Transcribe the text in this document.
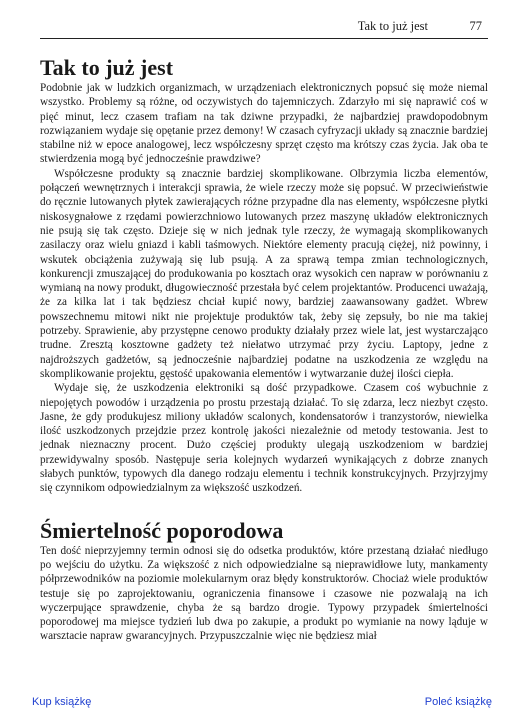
Tak to już jest	77
Tak to już jest

Podobnie jak w ludzkich organizmach, w urządzeniach elektronicznych popsuć się może niemal wszystko. Problemy są różne, od oczywistych do tajemniczych. Zdarzyło mi się naprawić coś w pięć minut, lecz czasem trafiam na tak dziwne przypadki, że najbardziej prawdopodobnym rozwiązaniem wydaje się opętanie przez demony! W czasach cyfryzacji układy są znacznie bardziej stabilne niż w epoce analogowej, lecz współczesny sprzęt często ma krótszy czas życia. Jak oba te stwierdzenia mogą być jednocześnie prawdziwe?

Współczesne produkty są znacznie bardziej skomplikowane. Olbrzymia liczba elementów, połączeń wewnętrznych i interakcji sprawia, że wiele rzeczy może się popsuć. W przeciwieństwie do ręcznie lutowanych płytek zawierających różne przypadne dla nas elementy, współczesne płytki niskosygnałowe z rzędami powierzchniowo lutowanych przez maszynę układów elektronicznych nie psują się tak często. Dzieje się w nich jednak tyle rzeczy, że wymagają skomplikowanych zasilaczy oraz wielu gniazd i kabli taśmowych. Niektóre elementy pracują ciężej, niż powinny, i wskutek obciążenia zużywają się lub psują. A za sprawą tempa zmian technologicznych, konkurencji zmuszającej do produkowania po kosztach oraz wysokich cen napraw w porównaniu z wymianą na nowy produkt, długowieczność przestała być celem projektantów. Producenci uważają, że za kilka lat i tak będziesz chciał kupić nowy, bardziej zaawansowany gadżet. Wbrew powszechnemu mitowi nikt nie projektuje produktów tak, żeby się zepsuły, bo nie ma takiej potrzeby. Sprawienie, aby przystępne cenowo produkty działały przez wiele lat, jest wystarczająco trudne. Zresztą kosztowne gadżety też niełatwo utrzymać przy życiu. Laptopy, jedne z najdroższych gadżetów, są jednocześnie najbardziej podatne na uszkodzenia ze względu na skomplikowanie projektu, gęstość upakowania elementów i wytwarzanie dużej ilości ciepła.

Wydaje się, że uszkodzenia elektroniki są dość przypadkowe. Czasem coś wybuchnie z niepojętych powodów i urządzenia po prostu przestają działać. To się zdarza, lecz niezbyt często. Jasne, że gdy produkujesz miliony układów scalonych, kondensatorów i tranzystorów, niewielka ilość uszkodzonych przejdzie przez kontrolę jakości niezależnie od metody testowania. Jest to jednak nieznaczny procent. Dużo częściej produkty ulegają uszkodzeniom w bardziej przewidywalny sposób. Następuje seria kolejnych wydarzeń wynikających z dobrze znanych słabych punktów, typowych dla danego rodzaju elementu i technik konstrukcyjnych. Przyjrzyjmy się czynnikom odpowiedzialnym za większość uszkodzeń.

Śmiertelność poporodowa

Ten dość nieprzyjemny termin odnosi się do odsetka produktów, które przestaną działać niedługo po wejściu do użytku. Za większość z nich odpowiedzialne są nieprawidłowe luty, mankamenty półprzewodników na poziomie molekularnym oraz błędy konstruktorów. Chociaż wiele produktów testuje się po zaprojektowaniu, ograniczenia finansowe i czasowe nie pozwalają na ich wyczerpujące sprawdzenie, chyba że są bardzo drogie. Typowy przypadek śmiertelności poporodowej ma miejsce tydzień lub dwa po zakupie, a produkt po wymianie na nowy ląduje w warsztacie napraw gwarancyjnych. Przypuszczalnie więc nie będziesz miał

Kup książkę	Poleć książkę
